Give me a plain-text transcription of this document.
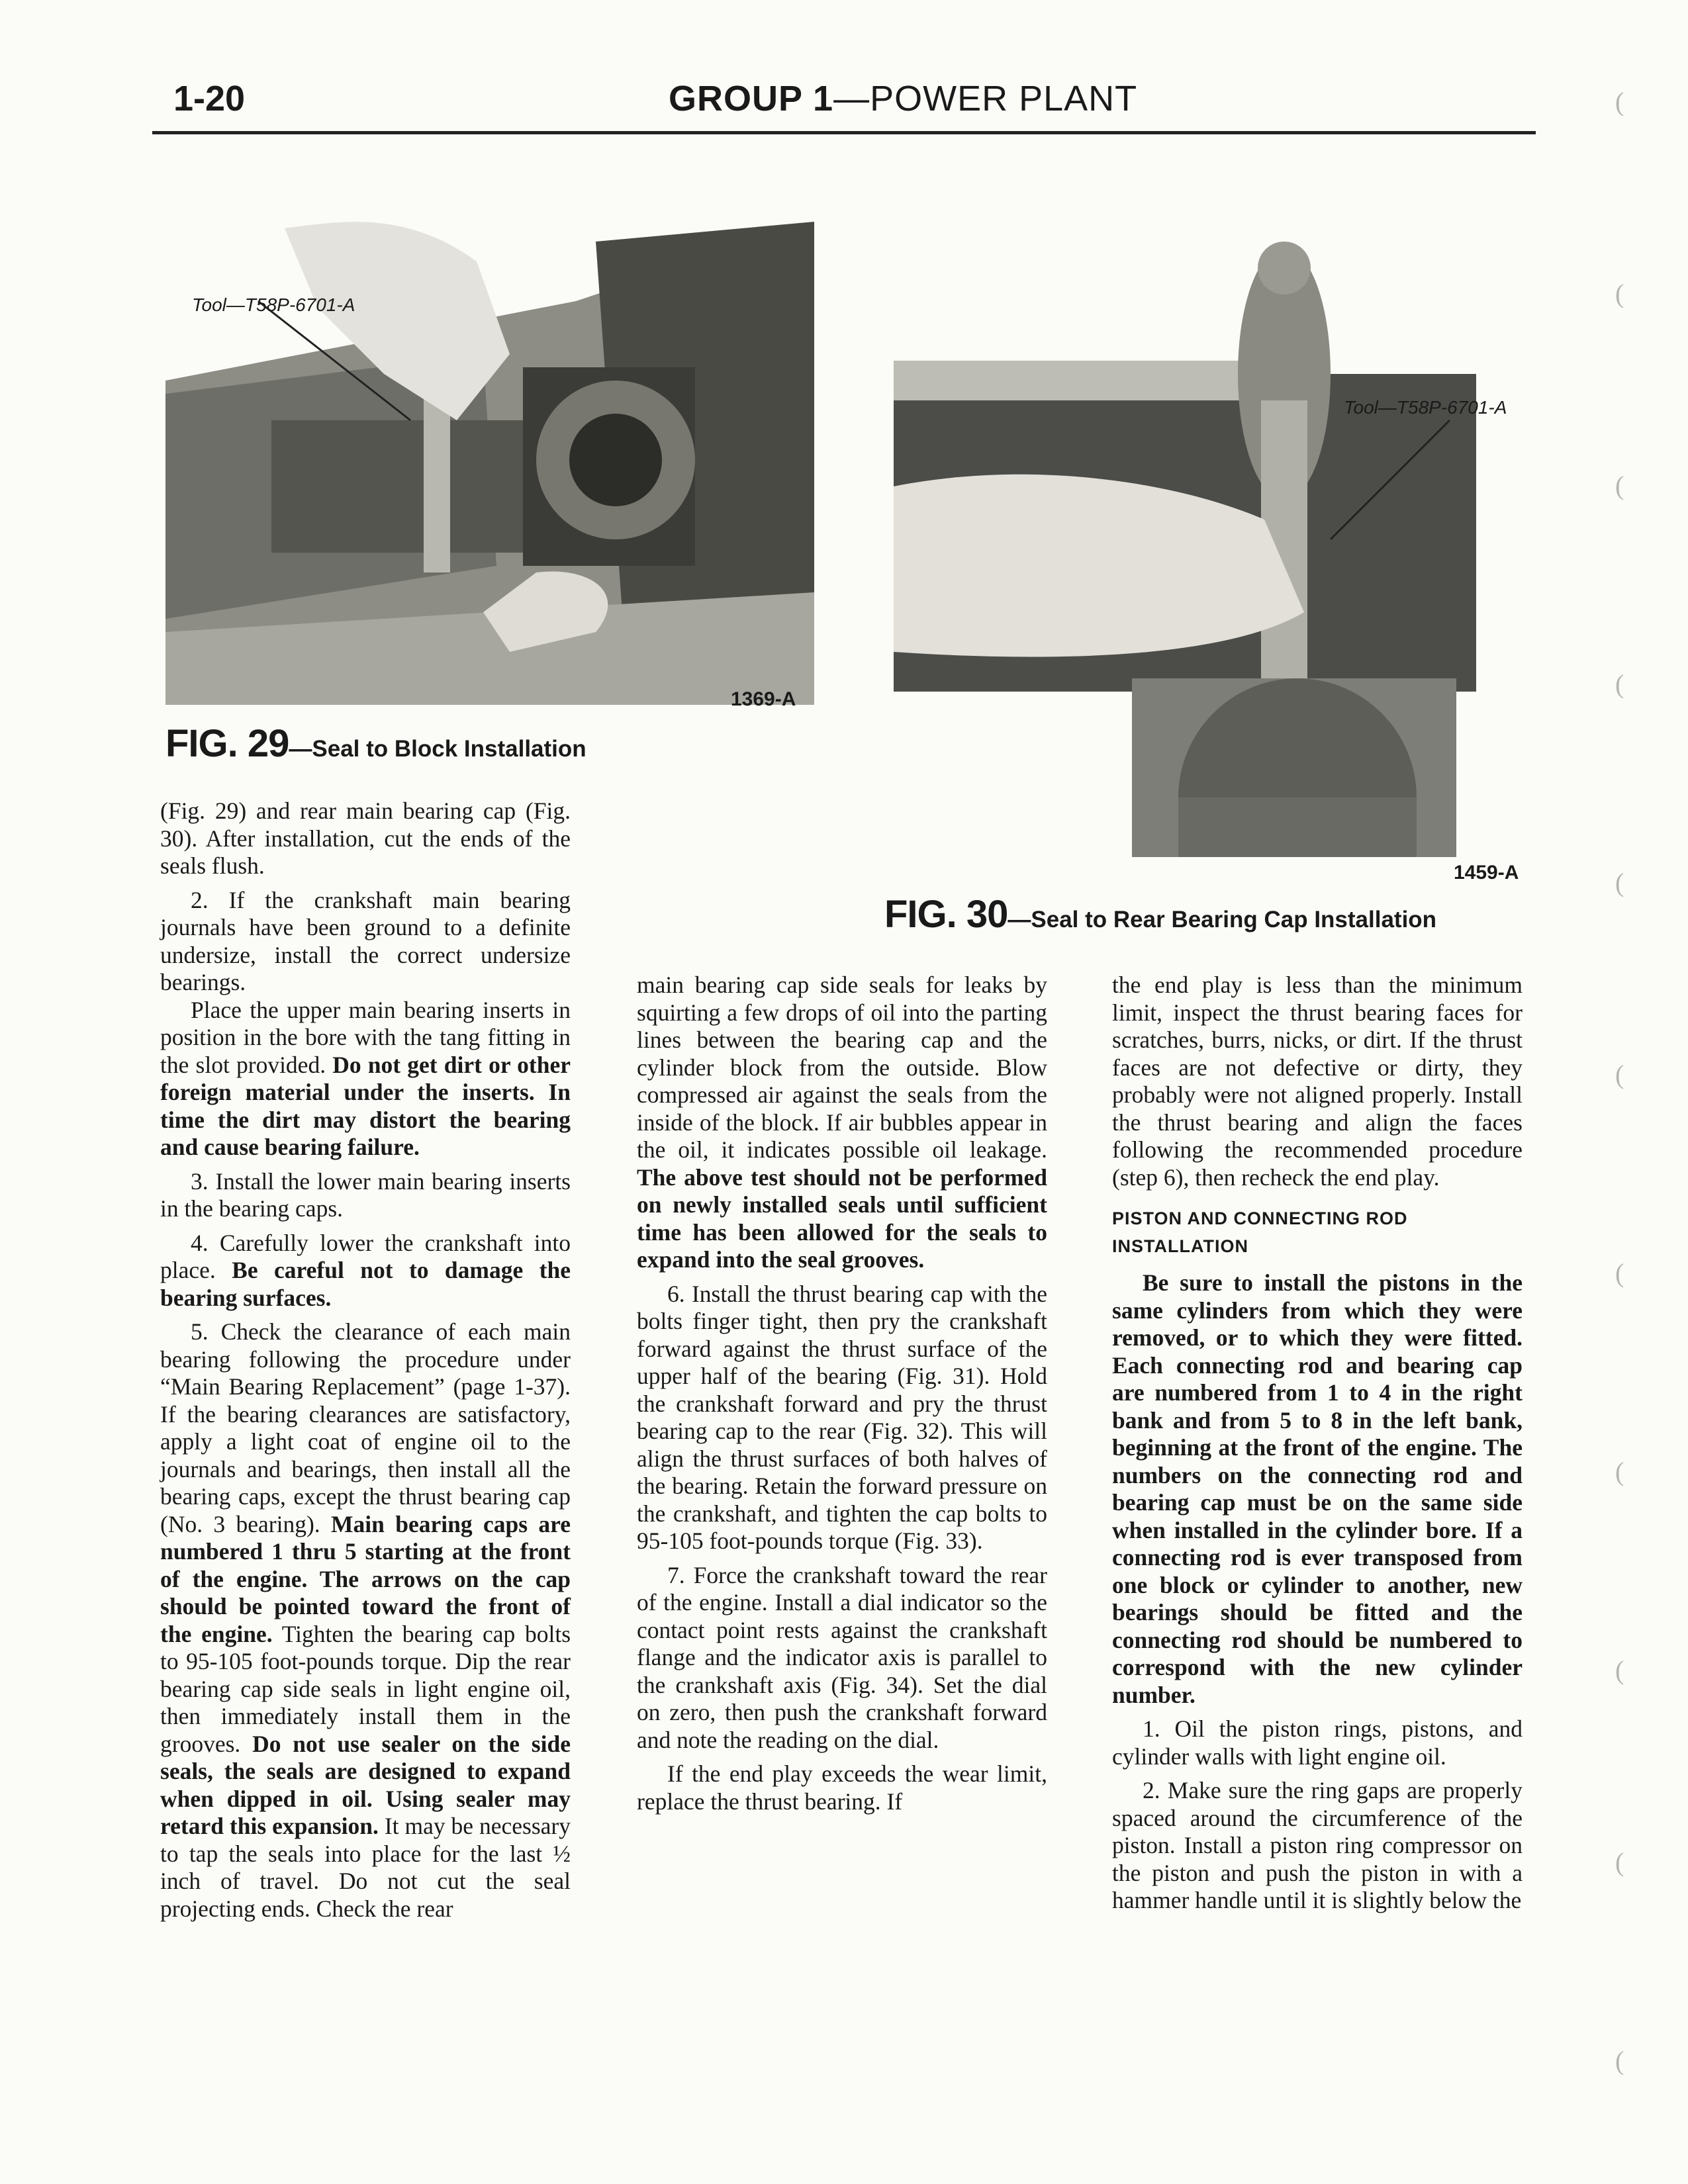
1-20	GROUP 1—POWER PLANT
Tool—T58P-6701-A
1369-A
FIG. 29—Seal to Block Installation
Tool—T58P-6701-A
1459-A
FIG. 30—Seal to Rear Bearing Cap Installation

(Fig. 29) and rear main bearing cap (Fig. 30). After installation, cut the ends of the seals flush.

2. If the crankshaft main bearing journals have been ground to a definite undersize, install the correct undersize bearings.

Place the upper main bearing inserts in position in the bore with the tang fitting in the slot provided. Do not get dirt or other foreign material under the inserts. In time the dirt may distort the bearing and cause bearing failure.

3. Install the lower main bearing inserts in the bearing caps.

4. Carefully lower the crankshaft into place. Be careful not to damage the bearing surfaces.

5. Check the clearance of each main bearing following the procedure under “Main Bearing Replacement” (page 1-37). If the bearing clearances are satisfactory, apply a light coat of engine oil to the journals and bearings, then install all the bearing caps, except the thrust bearing cap (No. 3 bearing). Main bearing caps are numbered 1 thru 5 starting at the front of the engine. The arrows on the cap should be pointed toward the front of the engine. Tighten the bearing cap bolts to 95-105 foot-pounds torque. Dip the rear bearing cap side seals in light engine oil, then immediately install them in the grooves. Do not use sealer on the side seals, the seals are designed to expand when dipped in oil. Using sealer may retard this expansion. It may be necessary to tap the seals into place for the last ½ inch of travel. Do not cut the seal projecting ends. Check the rear

main bearing cap side seals for leaks by squirting a few drops of oil into the parting lines between the bearing cap and the cylinder block from the outside. Blow compressed air against the seals from the inside of the block. If air bubbles appear in the oil, it indicates possible oil leakage. The above test should not be performed on newly installed seals until sufficient time has been allowed for the seals to expand into the seal grooves.

6. Install the thrust bearing cap with the bolts finger tight, then pry the crankshaft forward against the thrust surface of the upper half of the bearing (Fig. 31). Hold the crankshaft forward and pry the thrust bearing cap to the rear (Fig. 32). This will align the thrust surfaces of both halves of the bearing. Retain the forward pressure on the crankshaft, and tighten the cap bolts to 95-105 foot-pounds torque (Fig. 33).

7. Force the crankshaft toward the rear of the engine. Install a dial indicator so the contact point rests against the crankshaft flange and the indicator axis is parallel to the crankshaft axis (Fig. 34). Set the dial on zero, then push the crankshaft forward and note the reading on the dial.

If the end play exceeds the wear limit, replace the thrust bearing. If

the end play is less than the minimum limit, inspect the thrust bearing faces for scratches, burrs, nicks, or dirt. If the thrust faces are not defective or dirty, they probably were not aligned properly. Install the thrust bearing and align the faces following the recommended procedure (step 6), then recheck the end play.

PISTON AND CONNECTING ROD INSTALLATION

Be sure to install the pistons in the same cylinders from which they were removed, or to which they were fitted. Each connecting rod and bearing cap are numbered from 1 to 4 in the right bank and from 5 to 8 in the left bank, beginning at the front of the engine. The numbers on the connecting rod and bearing cap must be on the same side when installed in the cylinder bore. If a connecting rod is ever transposed from one block or cylinder to another, new bearings should be fitted and the connecting rod should be numbered to correspond with the new cylinder number.

1. Oil the piston rings, pistons, and cylinder walls with light engine oil.

2. Make sure the ring gaps are properly spaced around the circumference of the piston. Install a piston ring compressor on the piston and push the piston in with a hammer handle until it is slightly below the

(
(
(
(
(
(
(
(
(
(
(
